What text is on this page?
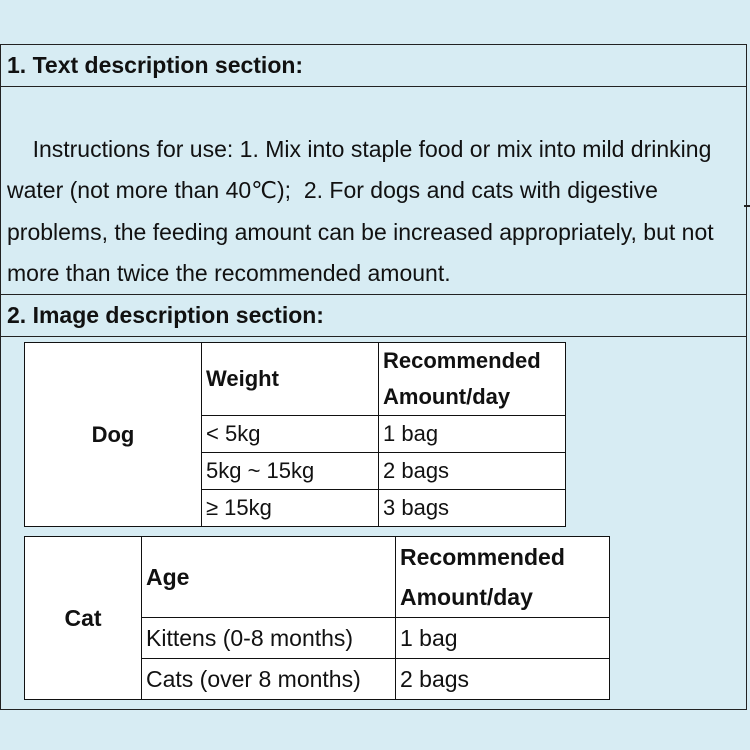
1. Text description section:

Instructions for use: 1. Mix into staple food or mix into mild drinking water (not more than 40℃);  2. For dogs and cats with digestive problems, the feeding amount can be increased appropriately, but not more than twice the recommended amount.

2. Image description section:
Dog	Weight	Recommended
Amount/day

	< 5kg	1 bag
	5kg ~ 15kg	2 bags
	≥ 15kg	3 bags
Cat	Age	Recommended
Amount/day

	Kittens (0-8 months)	1 bag
	Cats (over 8 months)	2 bags
